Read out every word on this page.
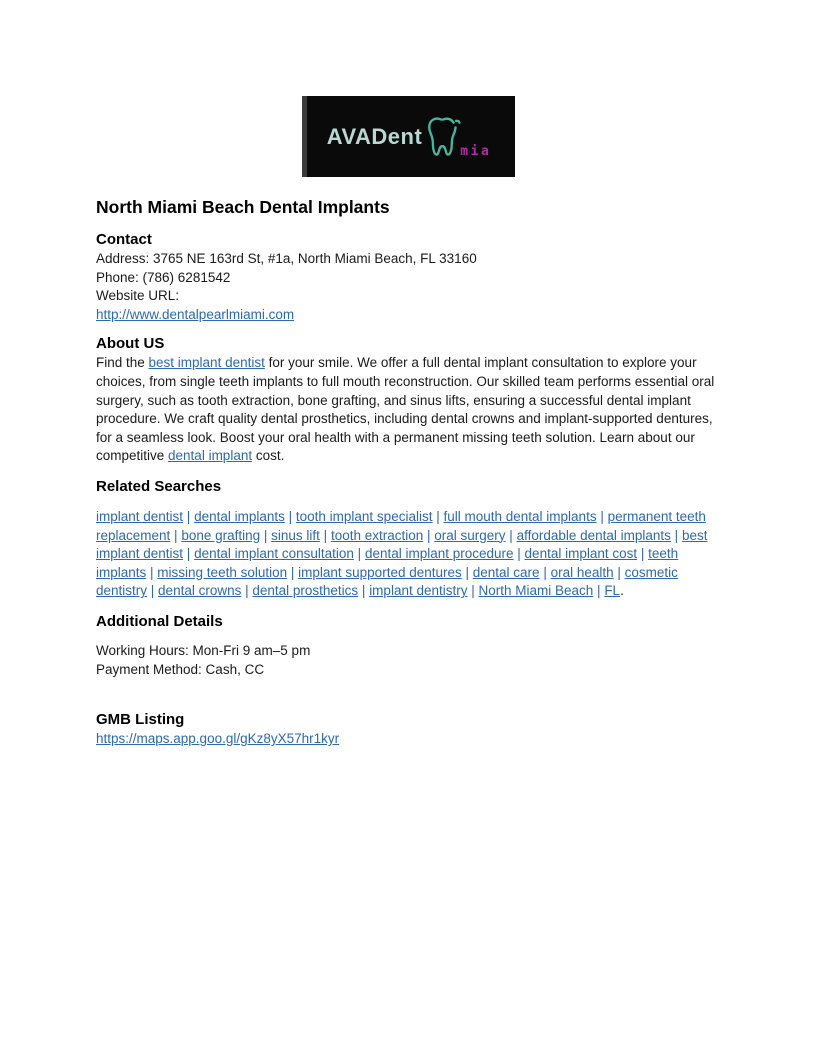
AVADent
mia
North Miami Beach Dental Implants
Contact

Address: 3765 NE 163rd St, #1a, North Miami Beach, FL 33160

Phone: (786) 6281542

Website URL:

http://www.dentalpearlmiami.com

About US

Find the best implant dentist for your smile. We offer a full dental implant consultation to explore your choices, from single teeth implants to full mouth reconstruction. Our skilled team performs essential oral surgery, such as tooth extraction, bone grafting, and sinus lifts, ensuring a successful dental implant procedure. We craft quality dental prosthetics, including dental crowns and implant-supported dentures, for a seamless look. Boost your oral health with a permanent missing teeth solution. Learn about our competitive dental implant cost.

Related Searches

implant dentist | dental implants | tooth implant specialist | full mouth dental implants | permanent teeth replacement | bone grafting | sinus lift | tooth extraction | oral surgery | affordable dental implants | best implant dentist | dental implant consultation | dental implant procedure | dental implant cost | teeth implants | missing teeth solution | implant supported dentures | dental care | oral health | cosmetic dentistry | dental crowns | dental prosthetics | implant dentistry | North Miami Beach | FL.

Additional Details

Working Hours: Mon-Fri 9 am–5 pm

Payment Method: Cash, CC

GMB Listing

https://maps.app.goo.gl/gKz8yX57hr1kyr
